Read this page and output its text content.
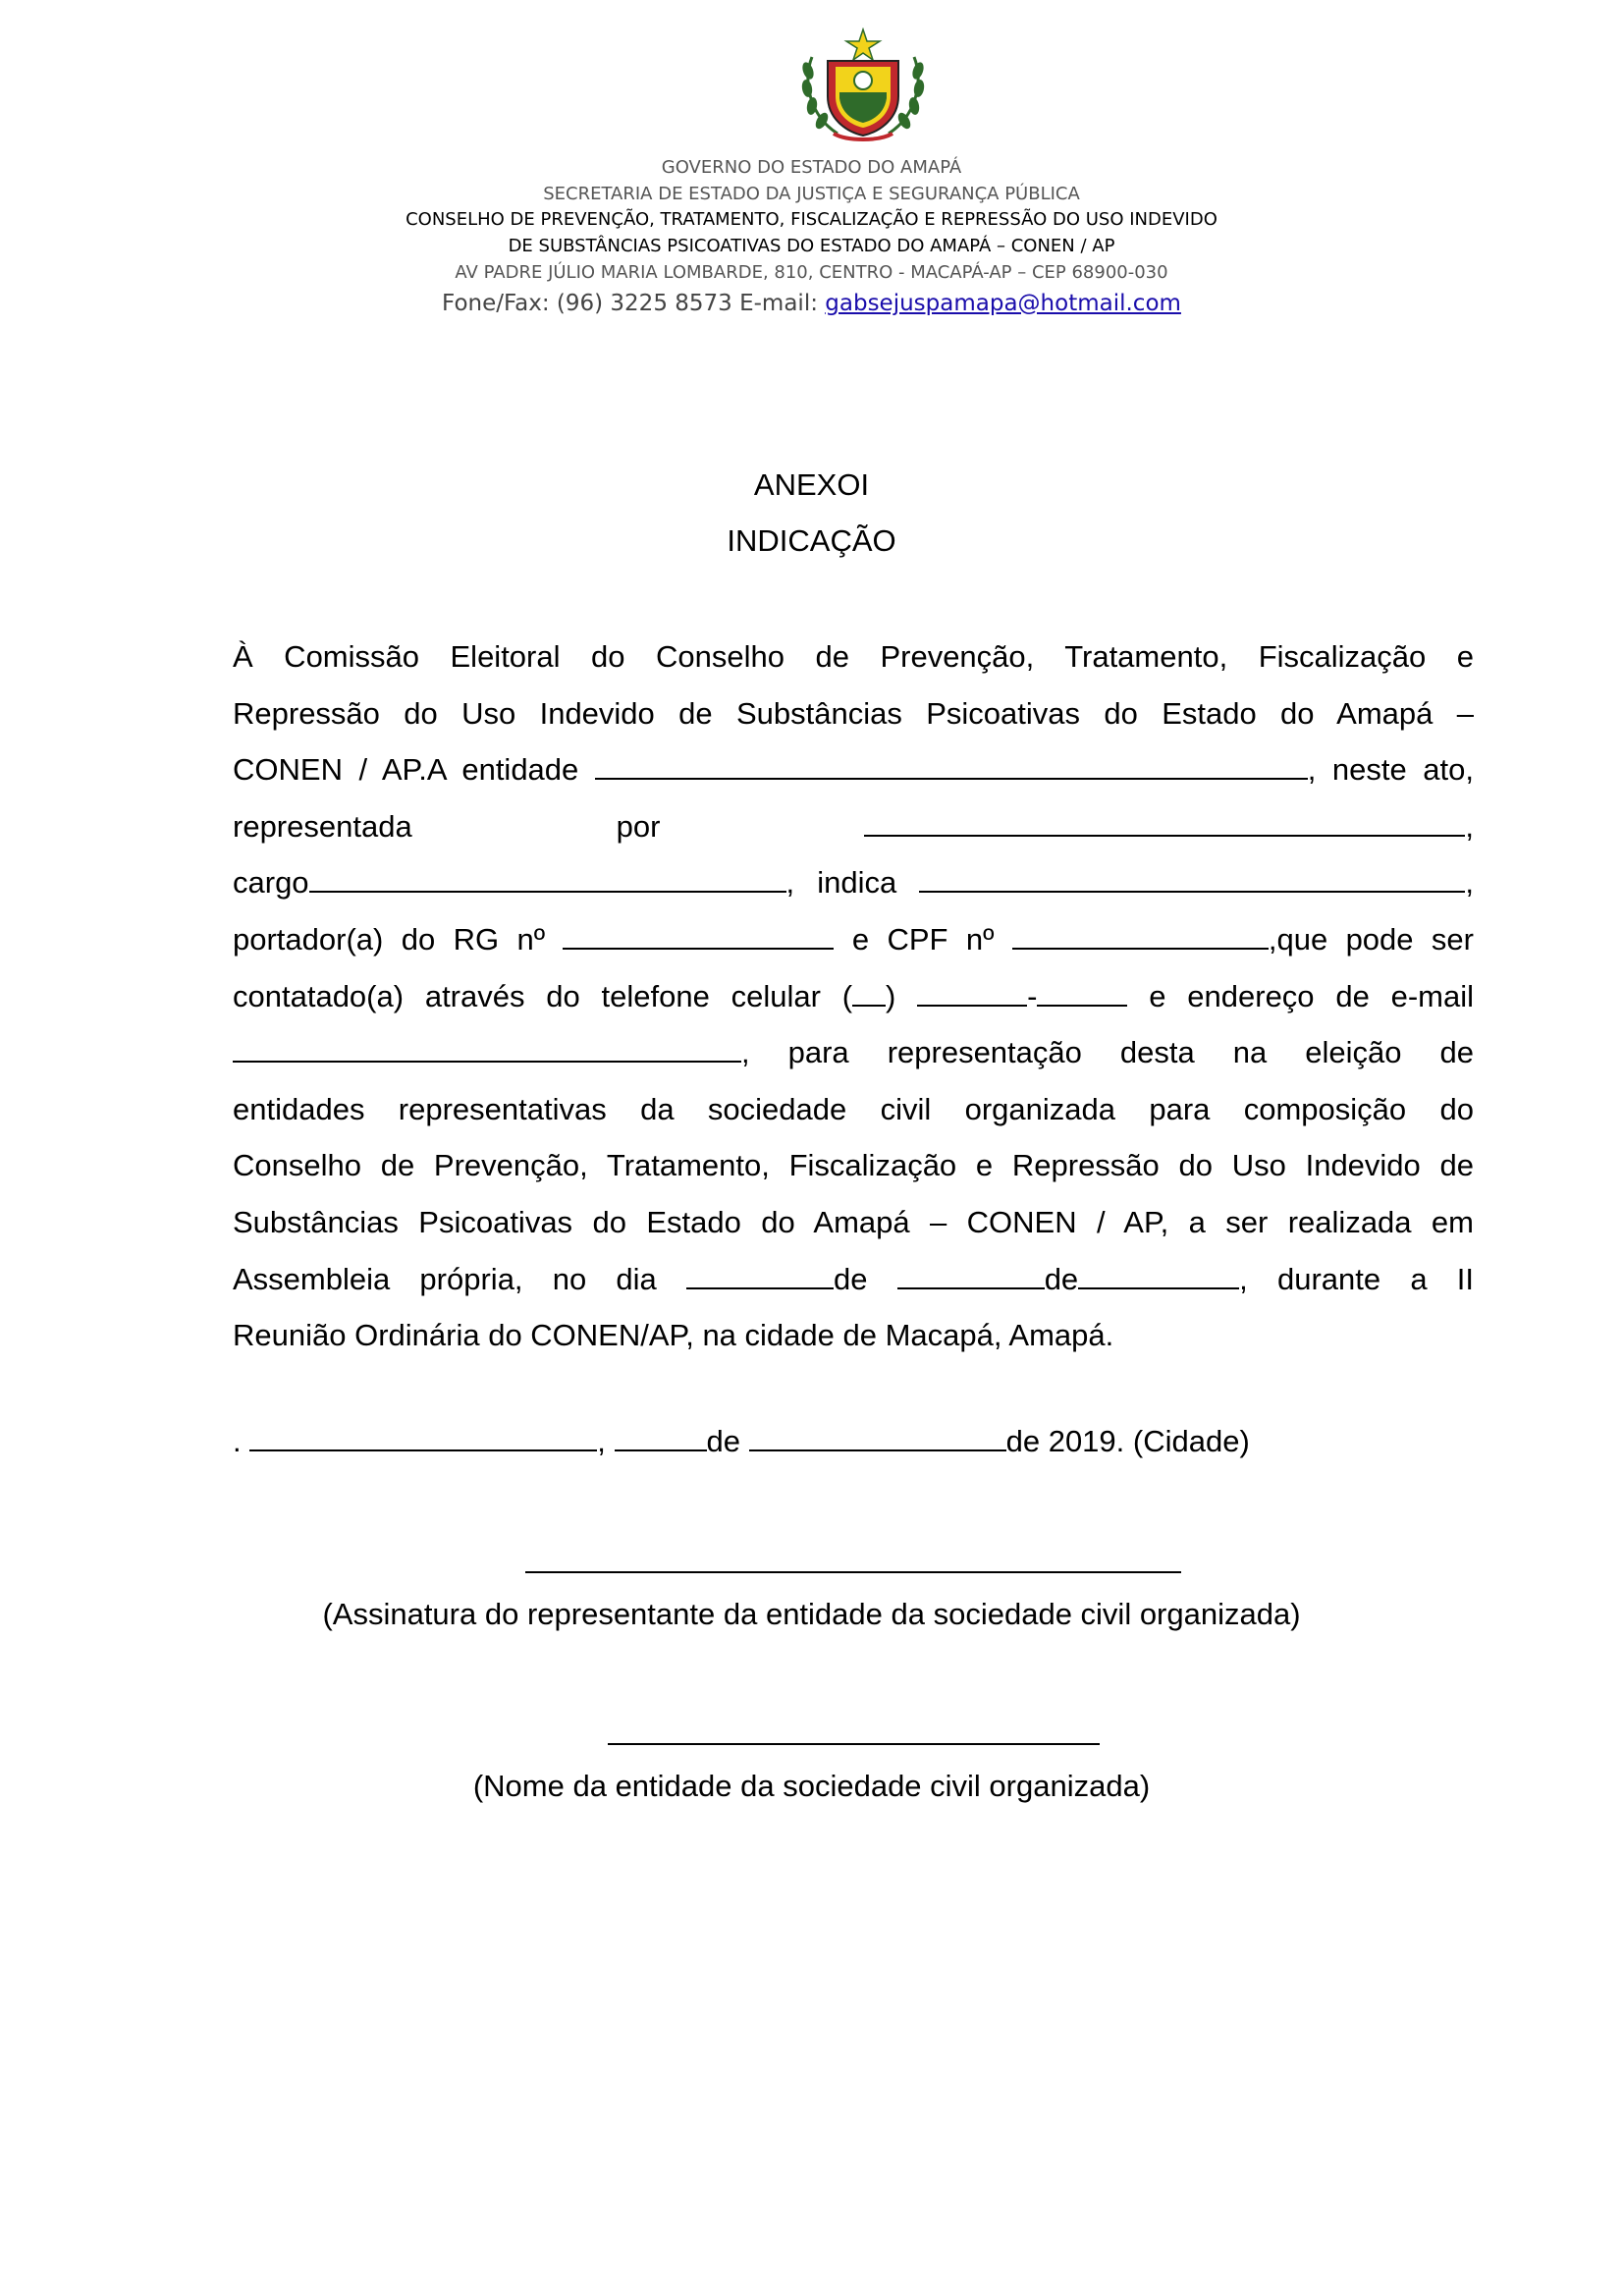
GOVERNO DO ESTADO DO AMAPÁ
SECRETARIA DE ESTADO DA JUSTIÇA E SEGURANÇA PÚBLICA
CONSELHO DE PREVENÇÃO, TRATAMENTO, FISCALIZAÇÃO E REPRESSÃO DO USO INDEVIDO
DE SUBSTÂNCIAS PSICOATIVAS DO ESTADO DO AMAPÁ – CONEN / AP
AV PADRE JÚLIO MARIA LOMBARDE, 810, CENTRO - MACAPÁ-AP – CEP 68900-030
Fone/Fax: (96) 3225 8573 E-mail: gabsejuspamapa@hotmail.com
ANEXOI
INDICAÇÃO
À Comissão Eleitoral do Conselho de Prevenção, Tratamento, Fiscalização e
Repressão do Uso Indevido de Substâncias Psicoativas do Estado do Amapá –
CONEN / AP.A entidade	, neste ato,
representada	por	,
cargo	, indica	,
portador(a) do RG nº	e CPF nº	,que pode ser
contatado(a) através do telefone celular ( )	-	e endereço de e-mail
, para representação desta na eleição de
entidades representativas da sociedade civil organizada para composição do
Conselho de Prevenção, Tratamento, Fiscalização e Repressão do Uso Indevido de
Substâncias Psicoativas do Estado do Amapá – CONEN / AP, a ser realizada em
Assembleia própria, no dia	de	de	, durante a II
Reunião Ordinária do CONEN/AP, na cidade de Macapá, Amapá.
.	,	de	de 2019. (Cidade)
(Assinatura do representante da entidade da sociedade civil organizada)
(Nome da entidade da sociedade civil organizada)
